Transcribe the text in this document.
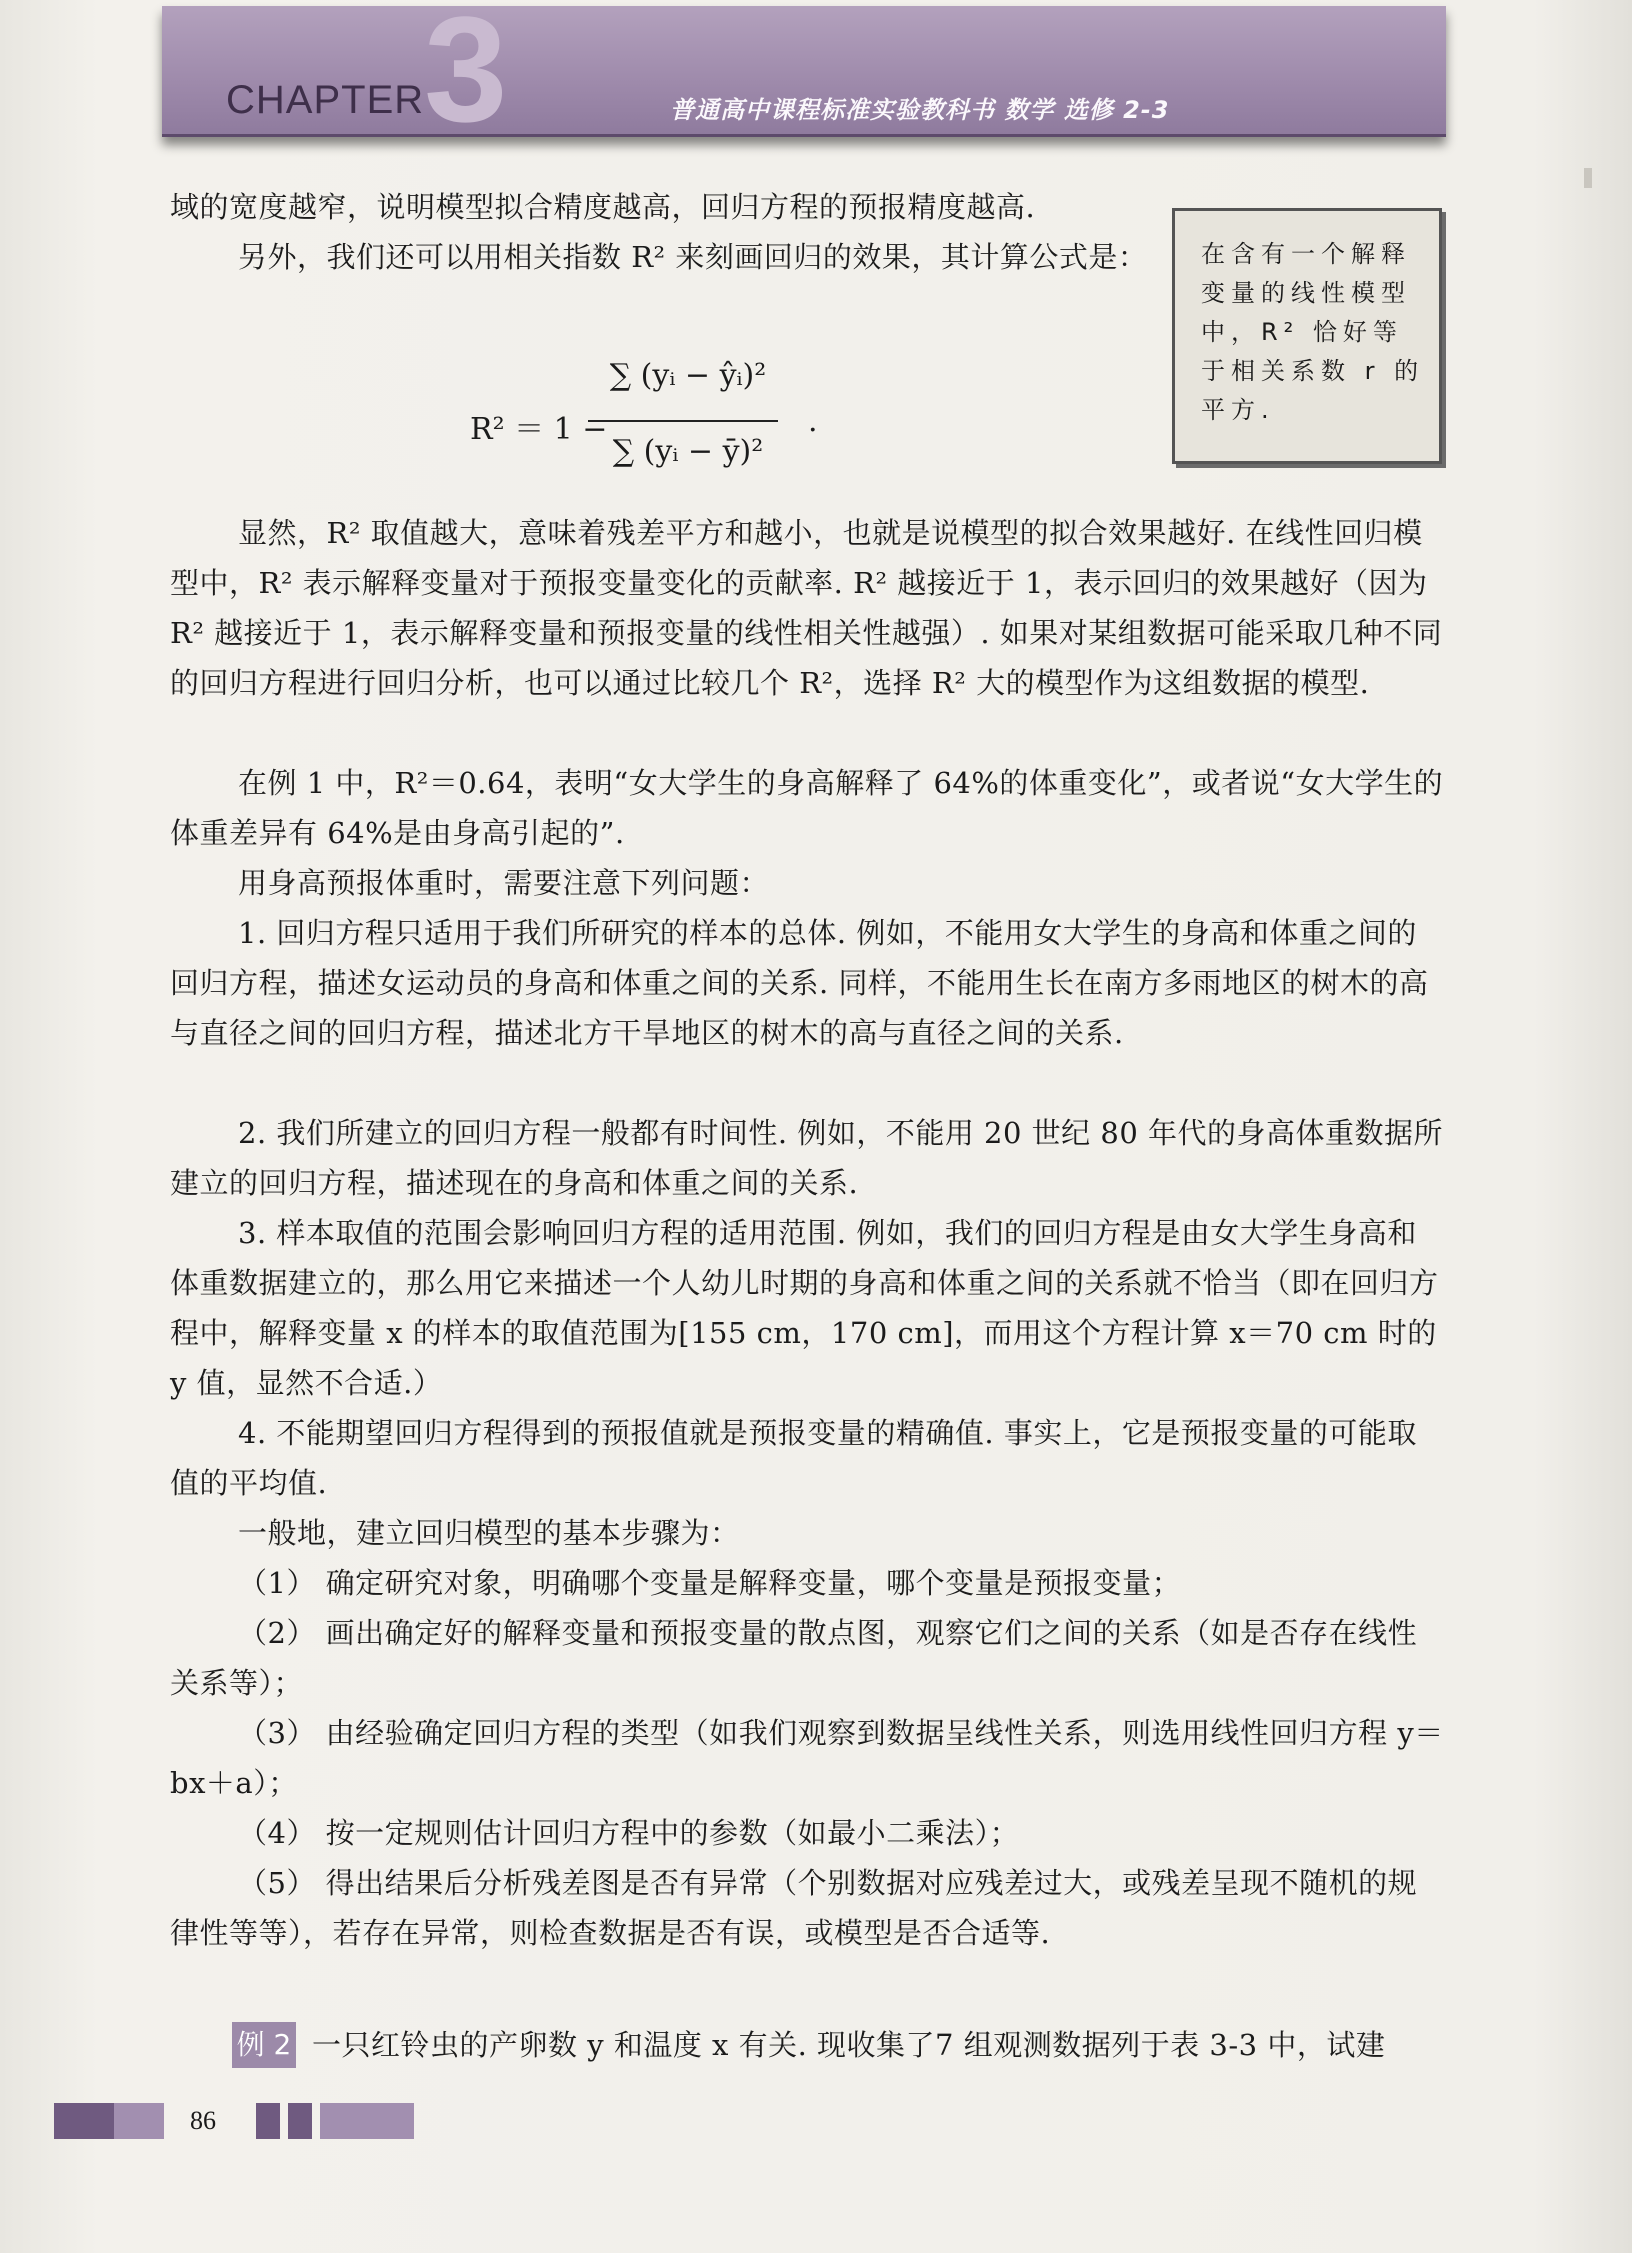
3
CHAPTER	普通高中课程标准实验教科书 数学 选修 2-3

域的宽度越窄，说明模型拟合精度越高，回归方程的预报精度越高.

另外，我们还可以用相关指数 R² 来刻画回归的效果，其计算公式是：

R² ＝ 1 −
∑ (yᵢ − ŷᵢ)²
∑ (yᵢ − ȳ)²
.
在含有一个解释变量的线性模型中，R² 恰好等于相关系数 r 的平方.

显然，R² 取值越大，意味着残差平方和越小，也就是说模型的拟合效果越好. 在线性回归模型中，R² 表示解释变量对于预报变量变化的贡献率. R² 越接近于 1，表示回归的效果越好（因为 R² 越接近于 1，表示解释变量和预报变量的线性相关性越强）. 如果对某组数据可能采取几种不同的回归方程进行回归分析，也可以通过比较几个 R²，选择 R² 大的模型作为这组数据的模型.

在例 1 中，R²＝0.64，表明“女大学生的身高解释了 64%的体重变化”，或者说“女大学生的体重差异有 64%是由身高引起的”.

用身高预报体重时，需要注意下列问题：

1. 回归方程只适用于我们所研究的样本的总体. 例如，不能用女大学生的身高和体重之间的回归方程，描述女运动员的身高和体重之间的关系. 同样，不能用生长在南方多雨地区的树木的高与直径之间的回归方程，描述北方干旱地区的树木的高与直径之间的关系.

2. 我们所建立的回归方程一般都有时间性. 例如，不能用 20 世纪 80 年代的身高体重数据所建立的回归方程，描述现在的身高和体重之间的关系.

3. 样本取值的范围会影响回归方程的适用范围. 例如，我们的回归方程是由女大学生身高和体重数据建立的，那么用它来描述一个人幼儿时期的身高和体重之间的关系就不恰当（即在回归方程中，解释变量 x 的样本的取值范围为[155 cm，170 cm]，而用这个方程计算 x＝70 cm 时的 y 值，显然不合适.）

4. 不能期望回归方程得到的预报值就是预报变量的精确值. 事实上，它是预报变量的可能取值的平均值.

一般地，建立回归模型的基本步骤为：

（1） 确定研究对象，明确哪个变量是解释变量，哪个变量是预报变量；

（2） 画出确定好的解释变量和预报变量的散点图，观察它们之间的关系（如是否存在线性关系等）；

（3） 由经验确定回归方程的类型（如我们观察到数据呈线性关系，则选用线性回归方程 y＝bx＋a）；

（4） 按一定规则估计回归方程中的参数（如最小二乘法）；

（5） 得出结果后分析残差图是否有异常（个别数据对应残差过大，或残差呈现不随机的规律性等等），若存在异常，则检查数据是否有误，或模型是否合适等.

例 2 一只红铃虫的产卵数 y 和温度 x 有关. 现收集了7 组观测数据列于表 3-3 中，试建

86
